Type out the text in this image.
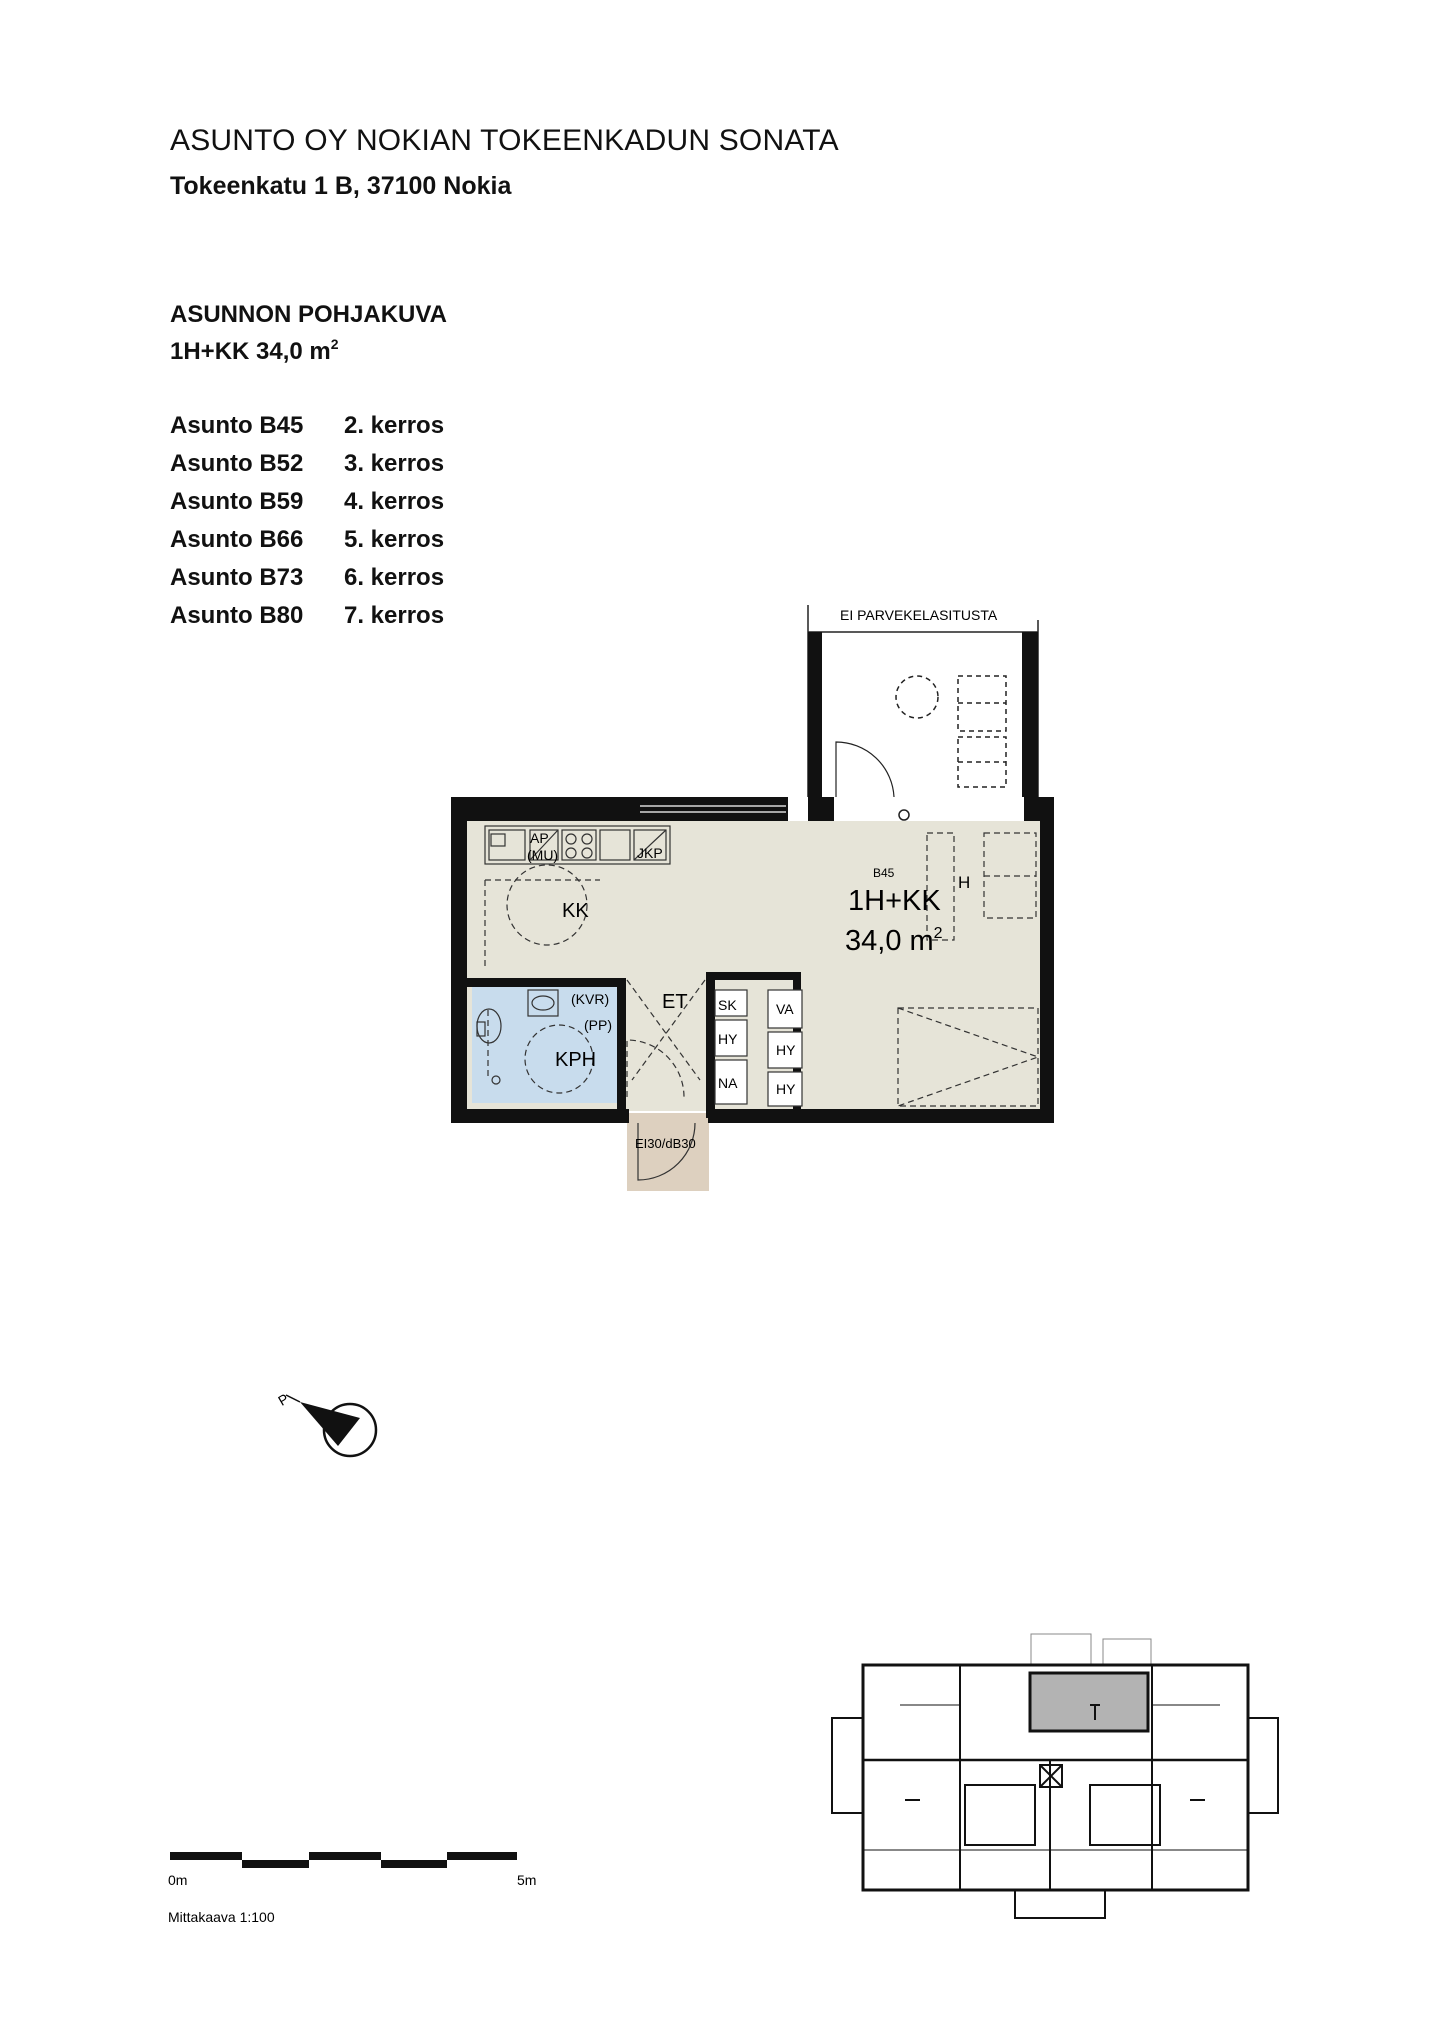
ASUNTO OY NOKIAN TOKEENKADUN SONATA
Tokeenkatu 1 B, 37100 Nokia
ASUNNON POHJAKUVA
1H+KK 34,0 $m^2$
Asunto B45	2. kerros
Asunto B52	3. kerros
Asunto B59	4. kerros
Asunto B66	5. kerros
Asunto B73	6. kerros
Asunto B80	7. kerros	EI PARVEKELASITUSTA
AP
(MU)	JKP
KK
H
B45
1H+KK
34,0 $m^2$
(KVR)
(PP)
KPH
ET
EI30/dB30
SK
HY
NA
VA
HY
HY
P
0m	5m
Mittakaava 1:100
